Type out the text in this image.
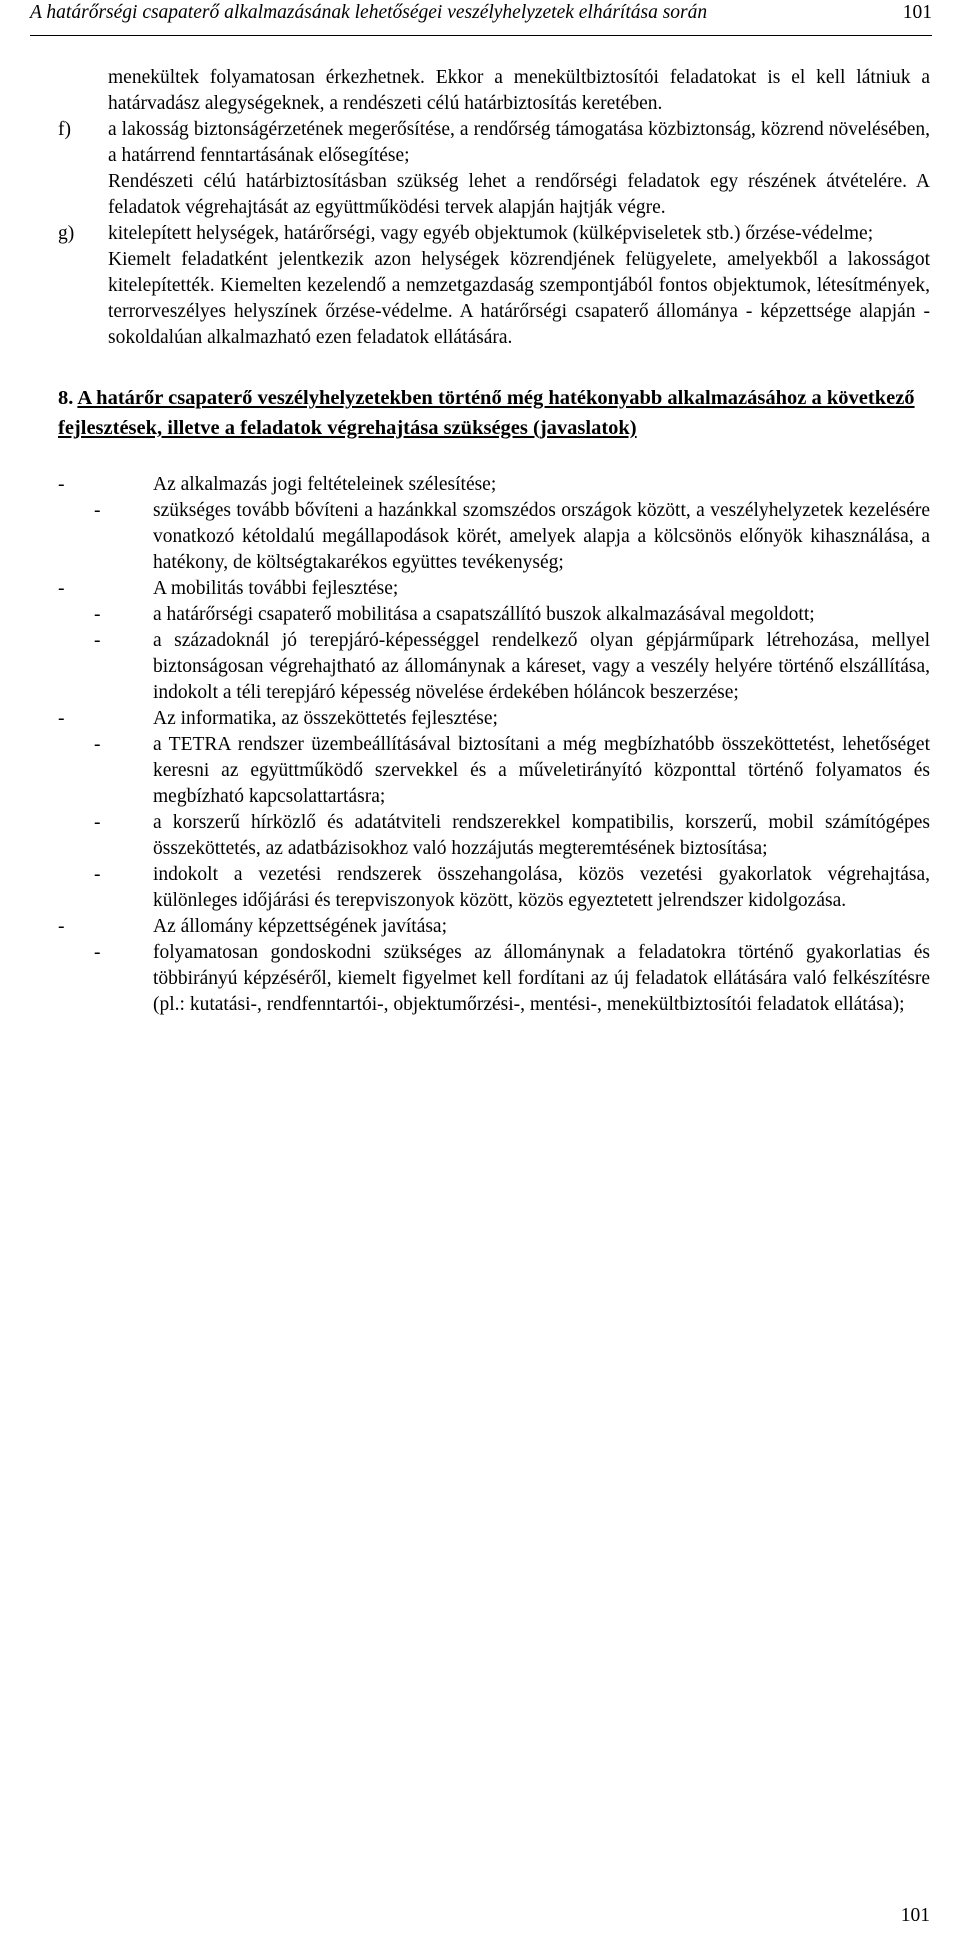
A határőrségi csapaterő alkalmazásának lehetőségei veszélyhelyzetek elhárítása során	101

menekültek folyamatosan érkezhetnek. Ekkor a menekültbiztosítói feladatokat is el kell látniuk a határvadász alegységeknek, a rendészeti célú határbiztosítás keretében.

f) a lakosság biztonságérzetének megerősítése, a rendőrség támogatása közbiztonság, közrend növelésében, a határrend fenntartásának elősegítése;

Rendészeti célú határbiztosításban szükség lehet a rendőrségi feladatok egy részének átvételére. A feladatok végrehajtását az együttműködési tervek alapján hajtják végre.

g) kitelepített helységek, határőrségi, vagy egyéb objektumok (külképviseletek stb.) őrzése-védelme;

Kiemelt feladatként jelentkezik azon helységek közrendjének felügyelete, amelyekből a lakosságot kitelepítették. Kiemelten kezelendő a nemzetgazdaság szempontjából fontos objektumok, létesítmények, terrorveszélyes helyszínek őrzése-védelme. A határőrségi csapaterő állománya - képzettsége alapján - sokoldalúan alkalmazható ezen feladatok ellátására.

8. A határőr csapaterő veszélyhelyzetekben történő még hatékonyabb alkalmazásához a következő fejlesztések, illetve a feladatok végrehajtása szükséges (javaslatok)
-	Az alkalmazás jogi feltételeinek szélesítése;
-	szükséges tovább bővíteni a hazánkkal szomszédos országok között, a veszélyhelyzetek kezelésére vonatkozó kétoldalú megállapodások körét, amelyek alapja a kölcsönös előnyök kihasználása, a hatékony, de költségtakarékos együttes tevékenység;
-	A mobilitás további fejlesztése;
-	a határőrségi csapaterő mobilitása a csapatszállító buszok alkalmazásával megoldott;
-	a századoknál jó terepjáró-képességgel rendelkező olyan gépjárműpark létrehozása, mellyel biztonságosan végrehajtható az állománynak a káreset, vagy a veszély helyére történő elszállítása, indokolt a téli terepjáró képesség növelése érdekében hóláncok beszerzése;
-	Az informatika, az összeköttetés fejlesztése;
-	a TETRA rendszer üzembeállításával biztosítani a még megbízhatóbb összeköttetést, lehetőséget keresni az együttműködő szervekkel és a műveletirányító központtal történő folyamatos és megbízható kapcsolattartásra;
-	a korszerű hírközlő és adatátviteli rendszerekkel kompatibilis, korszerű, mobil számítógépes összeköttetés, az adatbázisokhoz való hozzájutás megteremtésének biztosítása;
-	indokolt a vezetési rendszerek összehangolása, közös vezetési gyakorlatok végrehajtása, különleges időjárási és terepviszonyok között, közös egyeztetett jelrendszer kidolgozása.
-	Az állomány képzettségének javítása;
-	folyamatosan gondoskodni szükséges az állománynak a feladatokra történő gyakorlatias és többirányú képzéséről, kiemelt figyelmet kell fordítani az új feladatok ellátására való felkészítésre (pl.: kutatási-, rendfenntartói-, objektumőrzési-, mentési-, menekültbiztosítói feladatok ellátása);
101
